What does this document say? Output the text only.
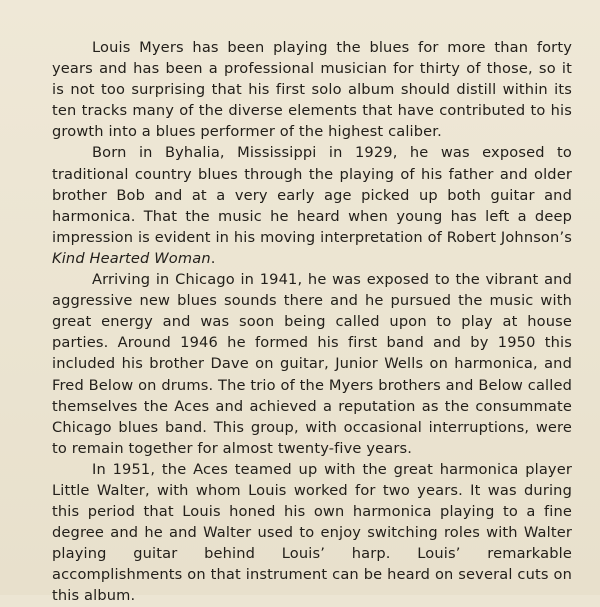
Louis Myers has been playing the blues for more than forty years and has been a professional musician for thirty of those, so it is not too surprising that his first solo album should distill within its ten tracks many of the diverse elements that have contributed to his growth into a blues performer of the highest caliber.

Born in Byhalia, Mississippi in 1929, he was exposed to traditional country blues through the playing of his father and older brother Bob and at a very early age picked up both guitar and harmonica. That the music he heard when young has left a deep impression is evident in his moving interpretation of Robert Johnson’s Kind Hearted Woman.

Arriving in Chicago in 1941, he was exposed to the vibrant and aggressive new blues sounds there and he pursued the music with great energy and was soon being called upon to play at house parties. Around 1946 he formed his first band and by 1950 this included his brother Dave on guitar, Junior Wells on harmonica, and Fred Below on drums. The trio of the Myers brothers and Below called themselves the Aces and achieved a reputation as the consummate Chicago blues band. This group, with occasional interruptions, were to remain together for almost twenty-five years.

In 1951, the Aces teamed up with the great harmonica player Little Walter, with whom Louis worked for two years. It was during this period that Louis honed his own harmonica playing to a fine degree and he and Walter used to enjoy switching roles with Walter playing guitar behind Louis’ harp. Louis’ remarkable accomplishments on that instrument can be heard on several cuts on this album.
